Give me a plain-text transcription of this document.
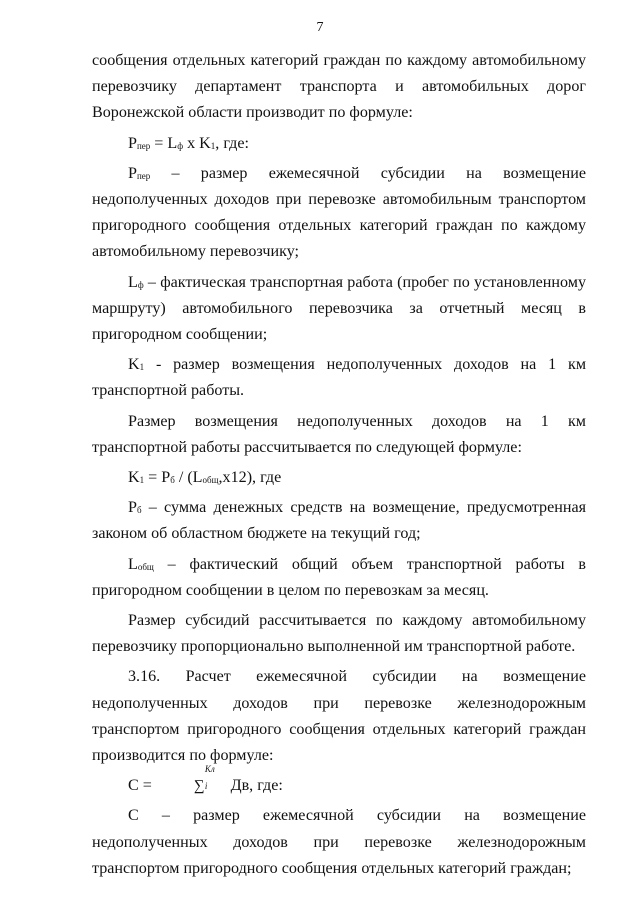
7

сообщения отдельных категорий граждан по каждому автомобильному перевозчику департамент транспорта и автомобильных дорог Воронежской области производит по формуле:

Рпер = Lф х K1, где:

Рпер – размер ежемесячной субсидии на возмещение недополученных доходов при перевозке автомобильным транспортом пригородного сообщения отдельных категорий граждан по каждому автомобильному перевозчику;

Lф – фактическая транспортная работа (пробег по установленному маршруту) автомобильного перевозчика за отчетный месяц в пригородном сообщении;

K1 - размер возмещения недополученных доходов на 1 км транспортной работы.

Размер возмещения недополученных доходов на 1 км транспортной работы рассчитывается по следующей формуле:

K1 = Рб / (Lобщ,х12), где

Рб – сумма денежных средств на возмещение, предусмотренная законом об областном бюджете на текущий год;

Lобщ – фактический общий объем транспортной работы в пригородном сообщении в целом по перевозкам за месяц.

Размер субсидий рассчитывается по каждому автомобильному перевозчику пропорционально выполненной им транспортной работе.

3.16. Расчет ежемесячной субсидии на возмещение недополученных доходов при перевозке железнодорожным транспортом пригородного сообщения отдельных категорий граждан производится по формуле:

С =	∑
Кл
i Дв, где:

С – размер ежемесячной субсидии на возмещение недополученных доходов при перевозке железнодорожным транспортом пригородного сообщения отдельных категорий граждан;
